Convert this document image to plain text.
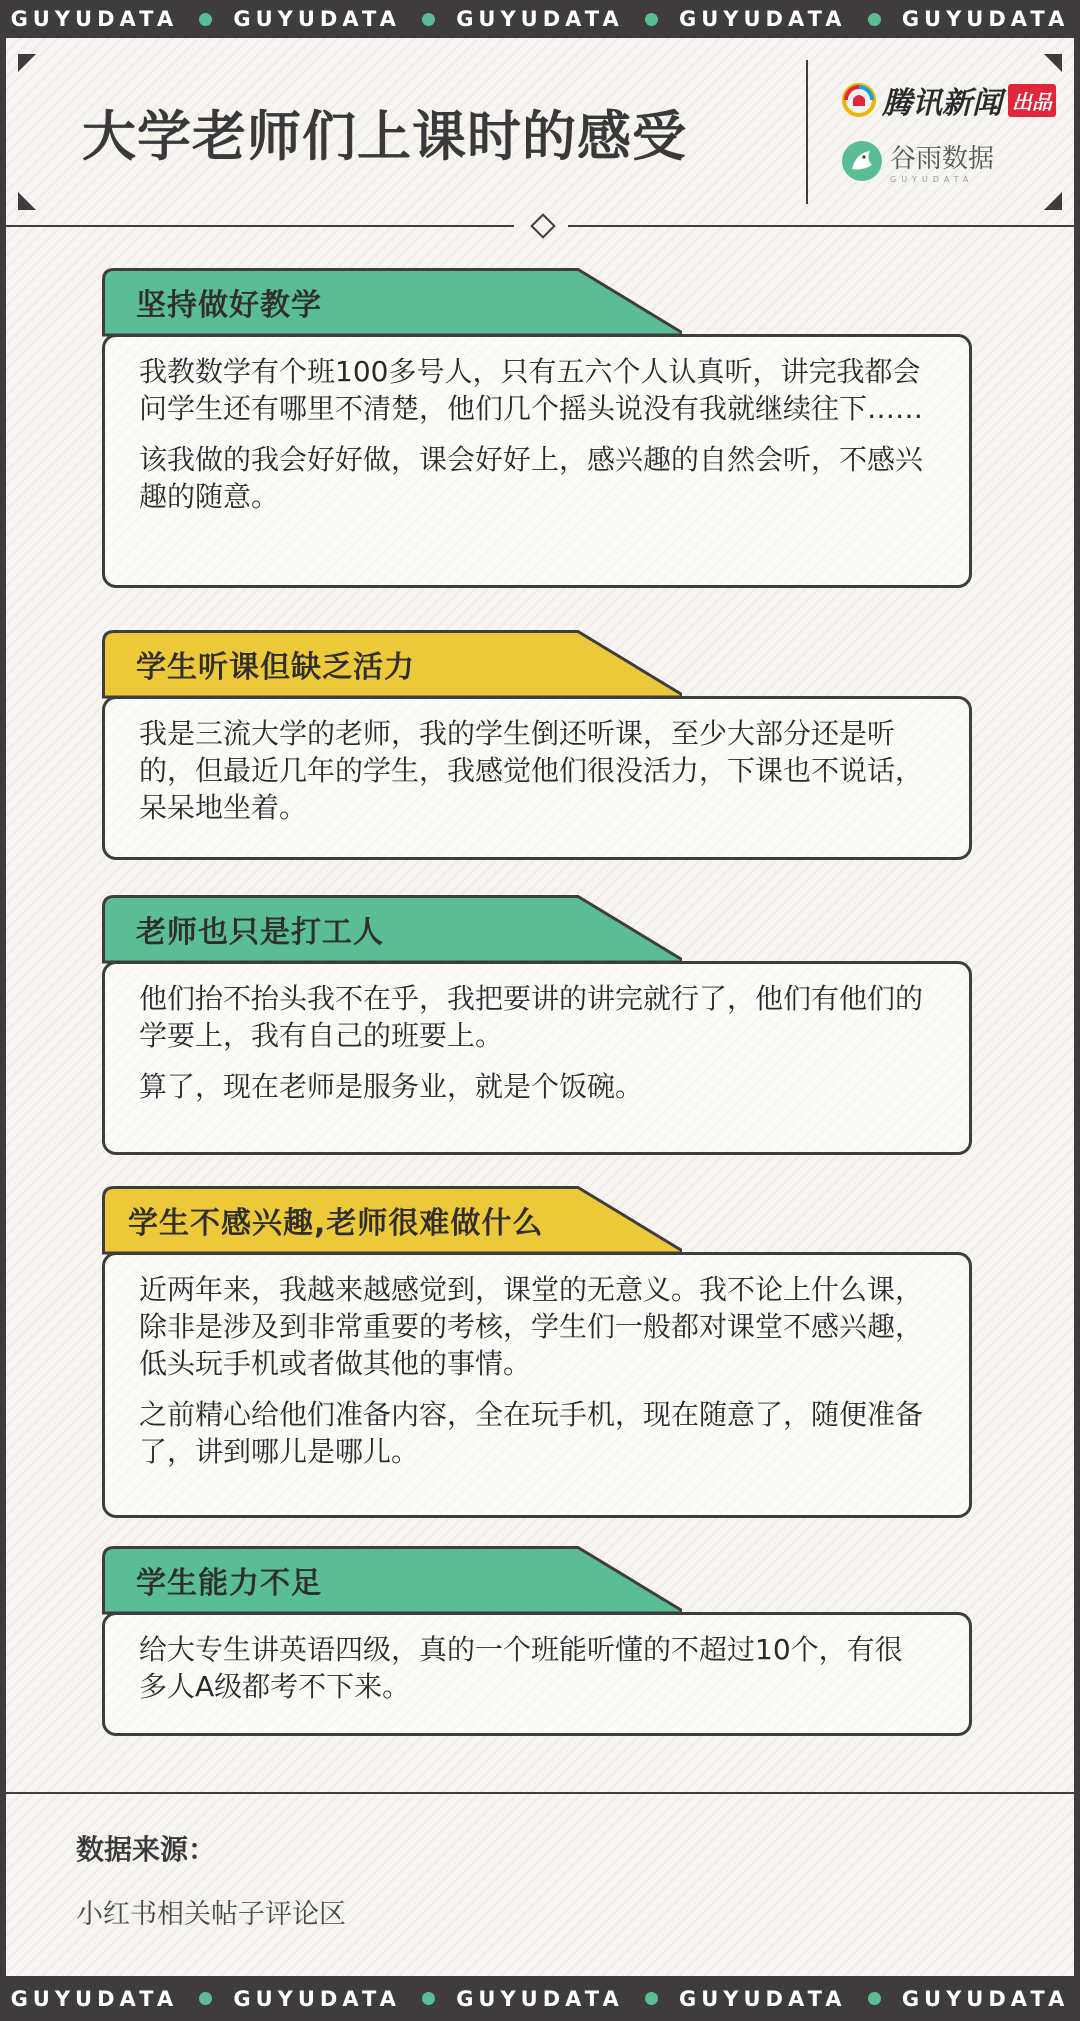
GUYUDATA	GUYUDATA	GUYUDATA	GUYUDATA	GUYUDATA
大学老师们上课时的感受
腾讯新闻 出品
谷雨数据
GUYUDATA
坚持做好教学

我教数学有个班100多号人，只有五六个人认真听，讲完我都会问学生还有哪里不清楚，他们几个摇头说没有我就继续往下……

该我做的我会好好做，课会好好上，感兴趣的自然会听，不感兴趣的随意。

学生听课但缺乏活力

我是三流大学的老师，我的学生倒还听课，至少大部分还是听的，但最近几年的学生，我感觉他们很没活力，下课也不说话，呆呆地坐着。

老师也只是打工人

他们抬不抬头我不在乎，我把要讲的讲完就行了，他们有他们的学要上，我有自己的班要上。

算了，现在老师是服务业，就是个饭碗。

学生不感兴趣,老师很难做什么

近两年来，我越来越感觉到，课堂的无意义。我不论上什么课，除非是涉及到非常重要的考核，学生们一般都对课堂不感兴趣，低头玩手机或者做其他的事情。

之前精心给他们准备内容，全在玩手机，现在随意了，随便准备了，讲到哪儿是哪儿。

学生能力不足

给大专生讲英语四级，真的一个班能听懂的不超过10个，有很多人A级都考不下来。

数据来源：
小红书相关帖子评论区
GUYUDATA	GUYUDATA	GUYUDATA	GUYUDATA	GUYUDATA
